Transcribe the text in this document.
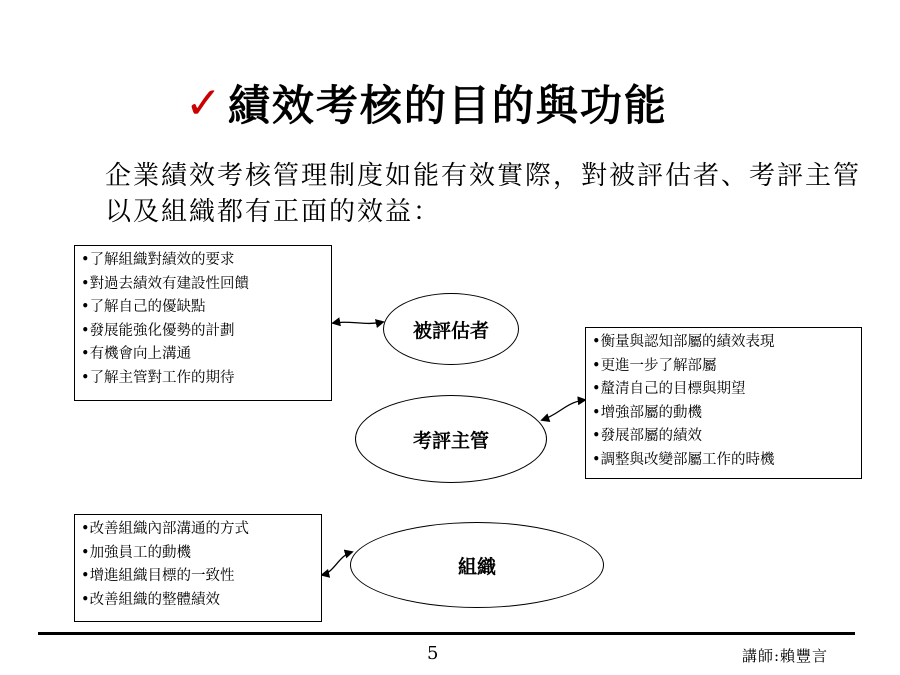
✓ 績效考核的目的與功能
企業績效考核管理制度如能有效實際，對被評估者、考評主管以及組織都有正面的效益：
• 了解組織對績效的要求
• 對過去績效有建設性回饋
• 了解自己的優缺點
• 發展能強化優勢的計劃
• 有機會向上溝通
• 了解主管對工作的期待
被評估者
• 衡量與認知部屬的績效表現
• 更進一步了解部屬
• 釐清自己的目標與期望
• 增強部屬的動機
• 發展部屬的績效
• 調整與改變部屬工作的時機
考評主管
• 改善組織內部溝通的方式
• 加強員工的動機
• 增進組織目標的一致性
• 改善組織的整體績效
組織
5	講師:賴豐言
